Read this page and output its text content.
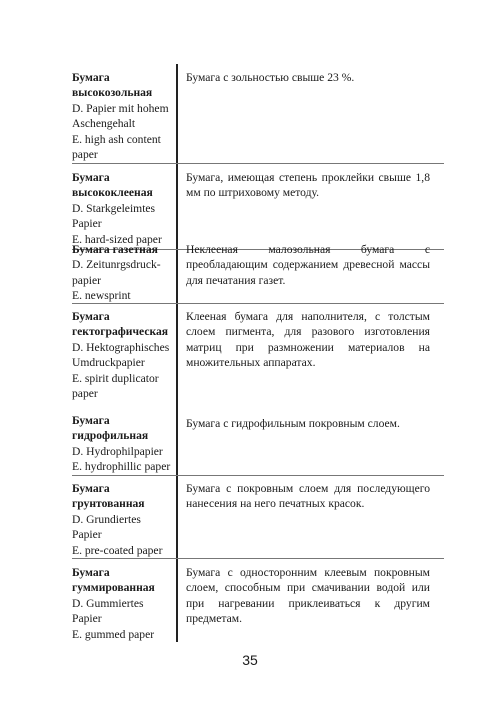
Бумага
высокозольная
D. Papier mit hohem
Aschengehalt
E. high ash content
paper
Бумага с зольностью свыше 23 %.
Бумага
высококлееная
D. Starkgeleimtes
Papier
E. hard-sized paper
Бумага, имеющая степень проклейки свыше 1,8 мм по штриховому методу.
Бумага газетная
D. Zeitunrgsdruck-
papier
E. newsprint
Неклееная малозольная бумага с преобладающим содержанием древесной массы для печатания газет.
Бумага
гектографическая
D. Hektographisches
Umdruckpapier
E. spirit duplicator
paper
Клееная бумага для наполнителя, с толстым слоем пигмента, для разового изготовления матриц при размножении материалов на множительных аппаратах.
Бумага
гидрофильная
D. Hydrophilpapier
E. hydrophillic paper
Бумага с гидрофильным покровным слоем.
Бумага
грунтованная
D. Grundiertes
Papier
E. pre-coated paper
Бумага с покровным слоем для последующего нанесения на него печатных красок.
Бумага
гуммированная
D. Gummiertes
Papier
E. gummed paper
Бумага с односторонним клеевым покровным слоем, способным при смачивании водой или при нагревании приклеиваться к другим предметам.
35
